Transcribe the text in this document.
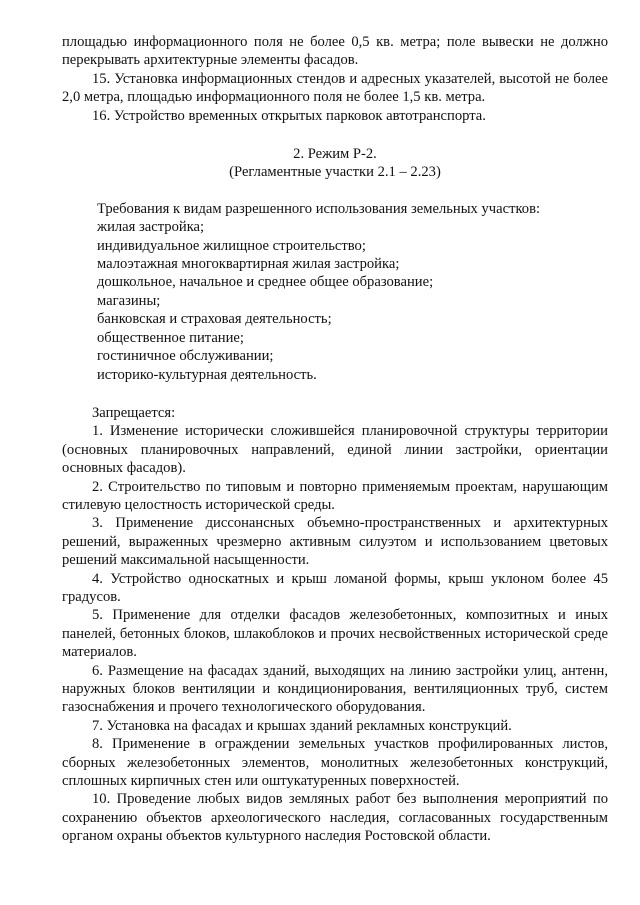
площадью информационного поля не более 0,5 кв. метра; поле вывески не должно перекрывать архитектурные элементы фасадов.

15. Установка информационных стендов и адресных указателей, высотой не более 2,0 метра, площадью информационного поля не более 1,5 кв. метра.

16. Устройство временных открытых парковок автотранспорта.

2. Режим Р-2.

(Регламентные участки 2.1 – 2.23)

Требования к видам разрешенного использования земельных участков:

жилая застройка;

индивидуальное жилищное строительство;

малоэтажная многоквартирная жилая застройка;

дошкольное, начальное и среднее общее образование;

магазины;

банковская и страховая деятельность;

общественное питание;

гостиничное обслуживании;

историко-культурная деятельность.

Запрещается:

1. Изменение исторически сложившейся планировочной структуры территории (основных планировочных направлений, единой линии застройки, ориентации основных фасадов).

2. Строительство по типовым и повторно применяемым проектам, нарушающим стилевую целостность исторической среды.

3. Применение диссонансных объемно-пространственных и архитектурных решений, выраженных чрезмерно активным силуэтом и использованием цветовых решений максимальной насыщенности.

4. Устройство односкатных и крыш ломаной формы, крыш уклоном более 45 градусов.

5. Применение для отделки фасадов железобетонных, композитных и иных панелей, бетонных блоков, шлакоблоков и прочих несвойственных исторической среде материалов.

6. Размещение на фасадах зданий, выходящих на линию застройки улиц, антенн, наружных блоков вентиляции и кондиционирования, вентиляционных труб, систем газоснабжения и прочего технологического оборудования.

7. Установка на фасадах и крышах зданий рекламных конструкций.

8. Применение в ограждении земельных участков профилированных листов, сборных железобетонных элементов, монолитных железобетонных конструкций, сплошных кирпичных стен или оштукатуренных поверхностей.

10. Проведение любых видов земляных работ без выполнения мероприятий по сохранению объектов археологического наследия, согласованных государственным органом охраны объектов культурного наследия Ростовской области.
